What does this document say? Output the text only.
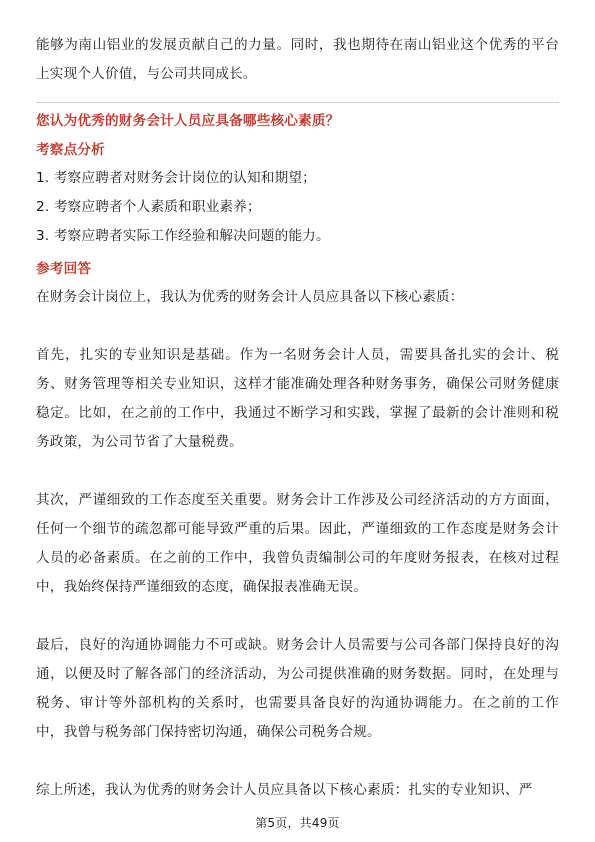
能够为南山铝业的发展贡献自己的力量。同时，我也期待在南山铝业这个优秀的平台上实现个人价值，与公司共同成长。

您认为优秀的财务会计人员应具备哪些核心素质？

考察点分析

1. 考察应聘者对财务会计岗位的认知和期望；

2. 考察应聘者个人素质和职业素养；

3. 考察应聘者实际工作经验和解决问题的能力。

参考回答

在财务会计岗位上，我认为优秀的财务会计人员应具备以下核心素质：

首先，扎实的专业知识是基础。作为一名财务会计人员，需要具备扎实的会计、税务、财务管理等相关专业知识，这样才能准确处理各种财务事务，确保公司财务健康稳定。比如，在之前的工作中，我通过不断学习和实践，掌握了最新的会计准则和税务政策，为公司节省了大量税费。

其次，严谨细致的工作态度至关重要。财务会计工作涉及公司经济活动的方方面面，任何一个细节的疏忽都可能导致严重的后果。因此，严谨细致的工作态度是财务会计人员的必备素质。在之前的工作中，我曾负责编制公司的年度财务报表，在核对过程中，我始终保持严谨细致的态度，确保报表准确无误。

最后，良好的沟通协调能力不可或缺。财务会计人员需要与公司各部门保持良好的沟通，以便及时了解各部门的经济活动，为公司提供准确的财务数据。同时，在处理与税务、审计等外部机构的关系时，也需要具备良好的沟通协调能力。在之前的工作中，我曾与税务部门保持密切沟通，确保公司税务合规。

综上所述，我认为优秀的财务会计人员应具备以下核心素质：扎实的专业知识、严

第5页，共49页
